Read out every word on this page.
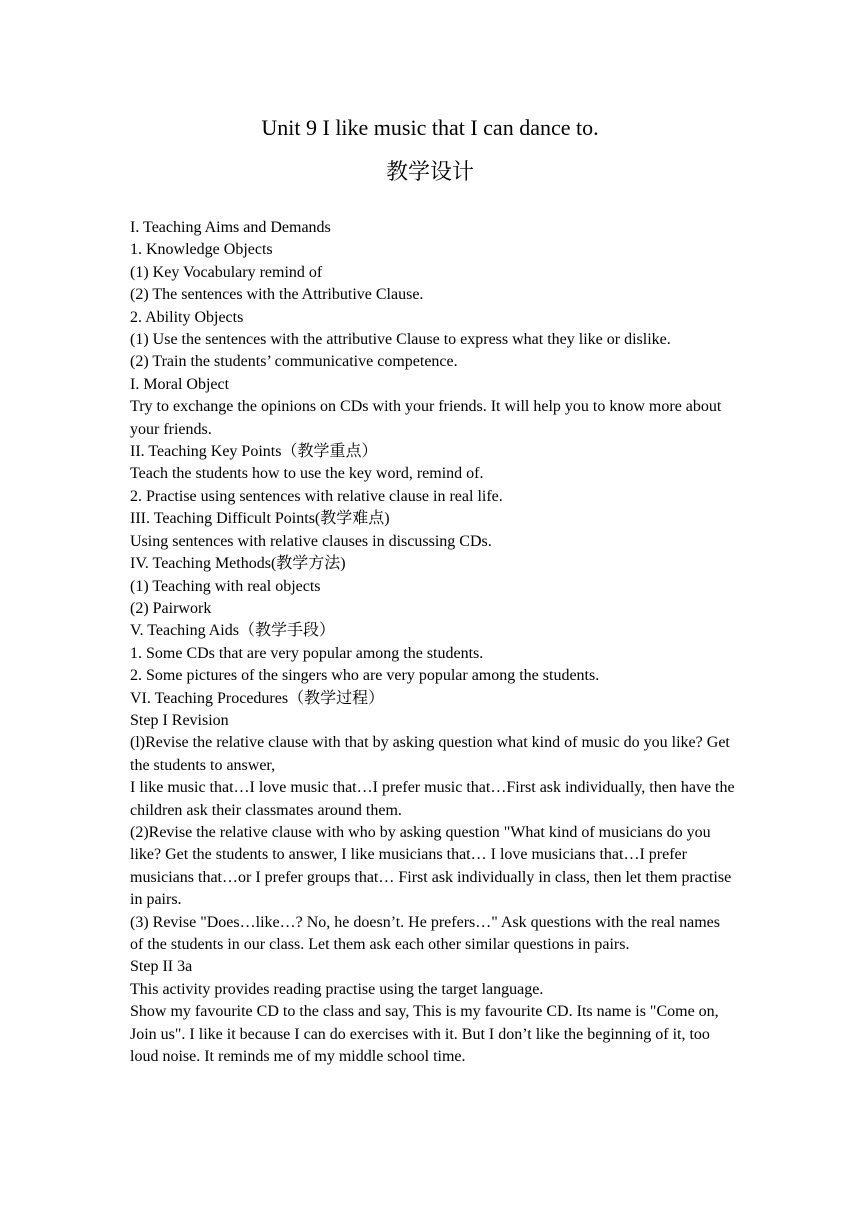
Unit 9 I like music that I can dance to.
教学设计

I. Teaching Aims and Demands

1. Knowledge Objects

(1) Key Vocabulary remind of

(2) The sentences with the Attributive Clause.

2. Ability Objects

(1) Use the sentences with the attributive Clause to express what they like or dislike.

(2) Train the students’ communicative competence.

I. Moral Object

Try to exchange the opinions on CDs with your friends. It will help you to know more about your friends.

II. Teaching Key Points（教学重点）

Teach the students how to use the key word, remind of.

2. Practise using sentences with relative clause in real life.

III. Teaching Difficult Points(教学难点)

Using sentences with relative clauses in discussing CDs.

IV. Teaching Methods(教学方法)

(1) Teaching with real objects

(2) Pairwork

V. Teaching Aids（教学手段）

1. Some CDs that are very popular among the students.

2. Some pictures of the singers who are very popular among the students.

VI. Teaching Procedures（教学过程）

Step I Revision

(l)Revise the relative clause with that by asking question what kind of music do you like? Get the students to answer,

I like music that…I love music that…I prefer music that…First ask individually, then have the children ask their classmates around them.

(2)Revise the relative clause with who by asking question "What kind of musicians do you like? Get the students to answer, I like musicians that… I love musicians that…I prefer musicians that…or I prefer groups that… First ask individually in class, then let them practise in pairs.

(3) Revise "Does…like…? No, he doesn’t. He prefers…" Ask questions with the real names of the students in our class. Let them ask each other similar questions in pairs.

Step II 3a

This activity provides reading practise using the target language.

Show my favourite CD to the class and say, This is my favourite CD. Its name is "Come on, Join us". I like it because I can do exercises with it. But I don’t like the beginning of it, too loud noise. It reminds me of my middle school time.
